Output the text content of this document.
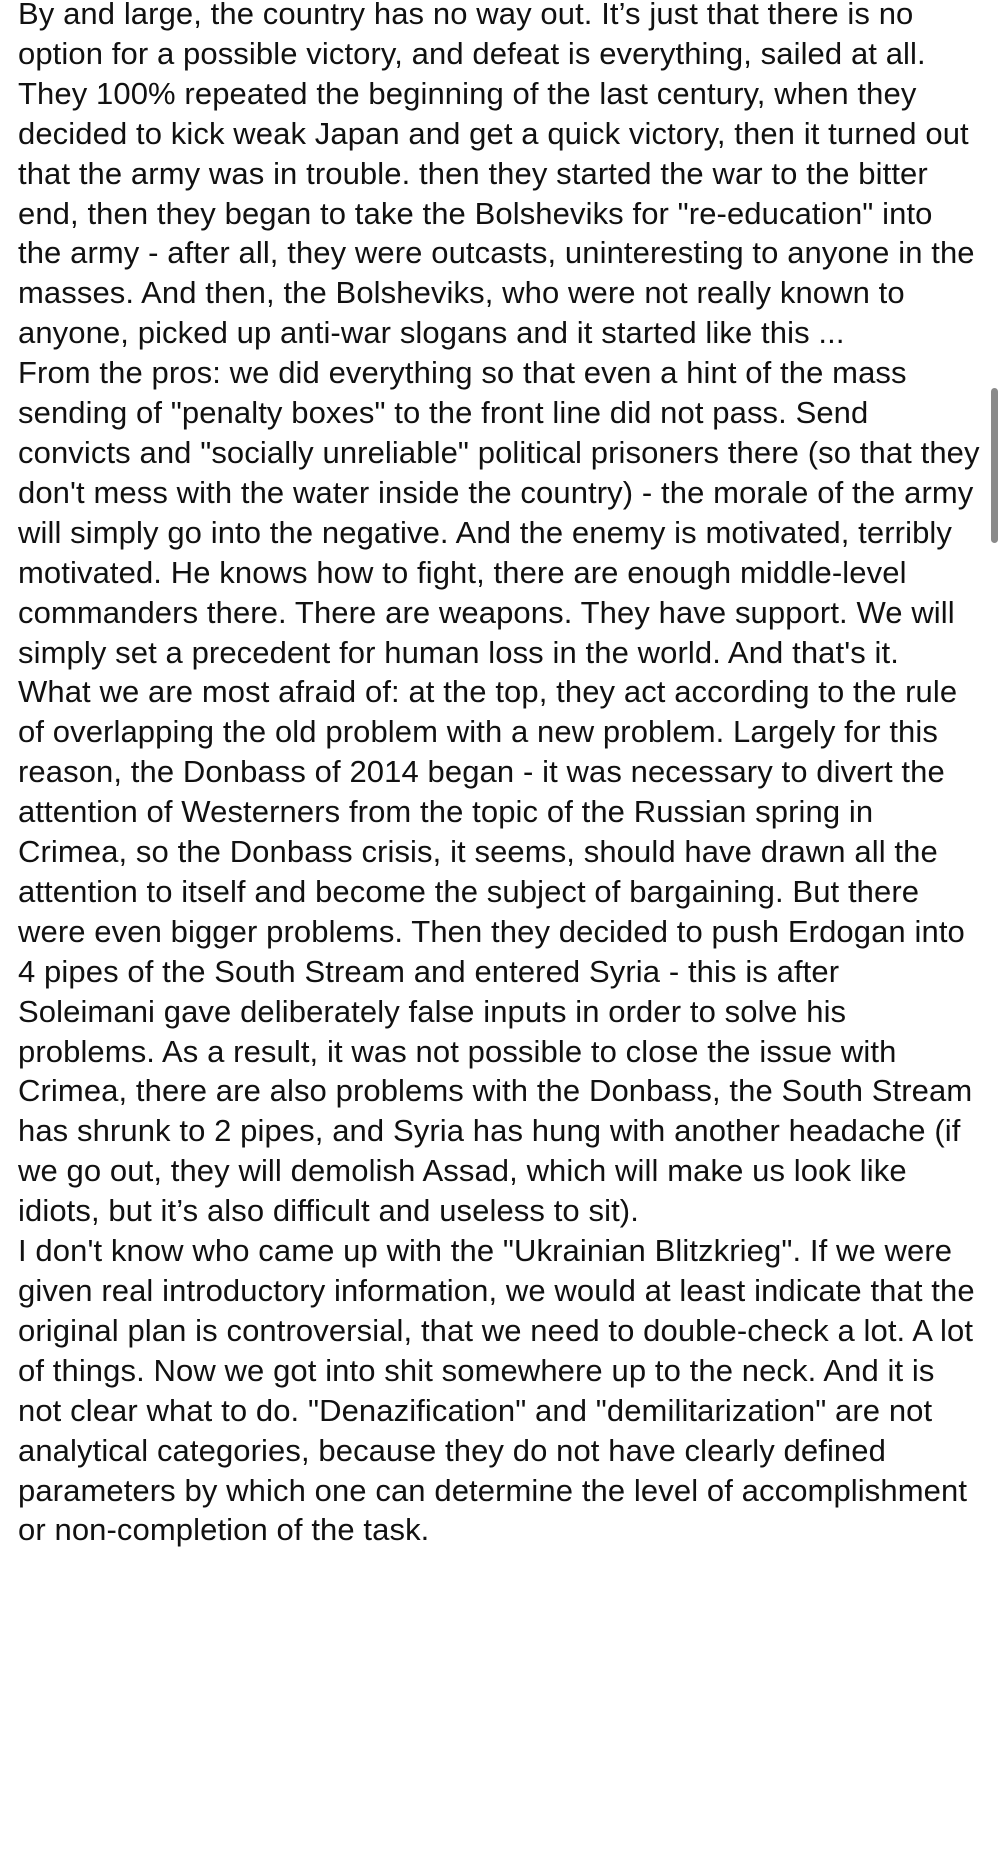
By and large, the country has no way out. It’s just that there is no option for a possible victory, and defeat is everything, sailed at all. They 100% repeated the beginning of the last century, when they decided to kick weak Japan and get a quick victory, then it turned out that the army was in trouble. then they started the war to the bitter end, then they began to take the Bolsheviks for "re-education" into the army - after all, they were outcasts, uninteresting to anyone in the masses. And then, the Bolsheviks, who were not really known to anyone, picked up anti-war slogans and it started like this ...

From the pros: we did everything so that even a hint of the mass sending of "penalty boxes" to the front line did not pass. Send convicts and "socially unreliable" political prisoners there (so that they don't mess with the water inside the country) - the morale of the army will simply go into the negative. And the enemy is motivated, terribly motivated. He knows how to fight, there are enough middle-level commanders there. There are weapons. They have support. We will simply set a precedent for human loss in the world. And that's it.

What we are most afraid of: at the top, they act according to the rule of overlapping the old problem with a new problem. Largely for this reason, the Donbass of 2014 began - it was necessary to divert the attention of Westerners from the topic of the Russian spring in Crimea, so the Donbass crisis, it seems, should have drawn all the attention to itself and become the subject of bargaining. But there were even bigger problems. Then they decided to push Erdogan into 4 pipes of the South Stream and entered Syria - this is after Soleimani gave deliberately false inputs in order to solve his problems. As a result, it was not possible to close the issue with Crimea, there are also problems with the Donbass, the South Stream has shrunk to 2 pipes, and Syria has hung with another headache (if we go out, they will demolish Assad, which will make us look like idiots, but it’s also difficult and useless to sit).

I don't know who came up with the "Ukrainian Blitzkrieg". If we were given real introductory information, we would at least indicate that the original plan is controversial, that we need to double-check a lot. A lot of things. Now we got into shit somewhere up to the neck. And it is not clear what to do. "Denazification" and "demilitarization" are not analytical categories, because they do not have clearly defined parameters by which one can determine the level of accomplishment or non-completion of the task.
